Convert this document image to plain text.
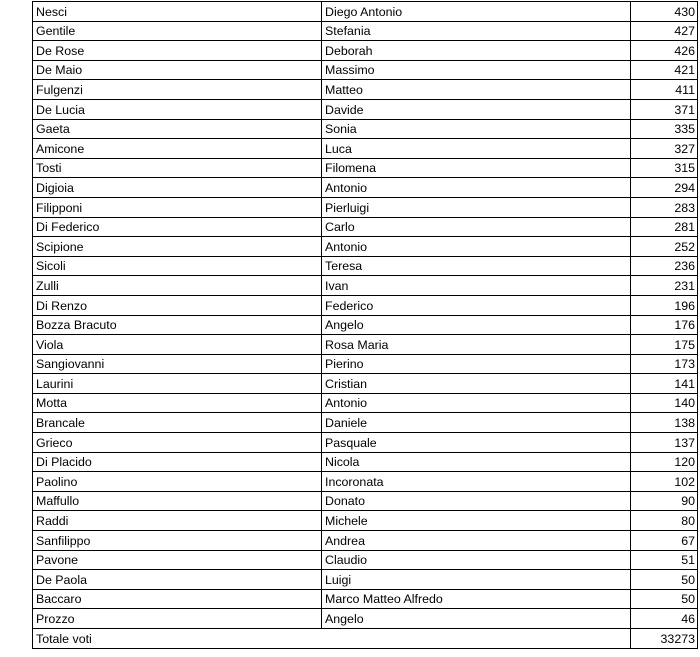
Nesci	Diego Antonio	430
Gentile	Stefania	427
De Rose	Deborah	426
De Maio	Massimo	421
Fulgenzi	Matteo	411
De Lucia	Davide	371
Gaeta	Sonia	335
Amicone	Luca	327
Tosti	Filomena	315
Digioia	Antonio	294
Filipponi	Pierluigi	283
Di Federico	Carlo	281
Scipione	Antonio	252
Sicoli	Teresa	236
Zulli	Ivan	231
Di Renzo	Federico	196
Bozza Bracuto	Angelo	176
Viola	Rosa Maria	175
Sangiovanni	Pierino	173
Laurini	Cristian	141
Motta	Antonio	140
Brancale	Daniele	138
Grieco	Pasquale	137
Di Placido	Nicola	120
Paolino	Incoronata	102
Maffullo	Donato	90
Raddi	Michele	80
Sanfilippo	Andrea	67
Pavone	Claudio	51
De Paola	Luigi	50
Baccaro	Marco Matteo Alfredo	50
Prozzo	Angelo	46
Totale voti		33273
